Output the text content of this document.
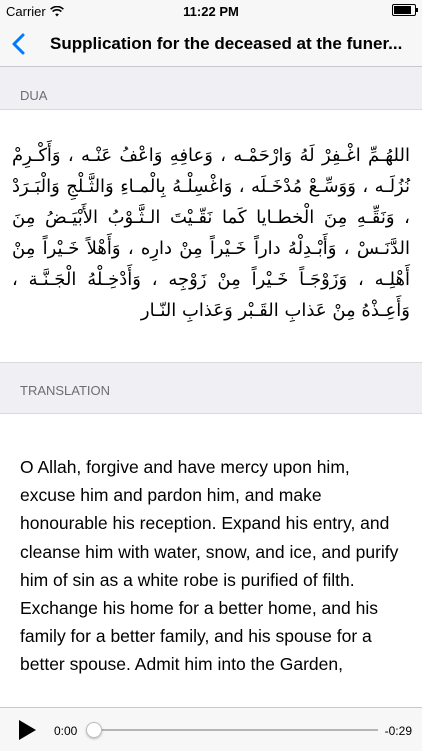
Carrier	11:22 PM
Supplication for the deceased at the funer...
DUA
اللهُـمِّ اغْـفِرْ لَهُ وَارْحَمْـه ، وَعافِهِ وَاعْفُ عَنْـه ، وَأَكْـرِمْ نُزُلَـه ، وَوَسِّـعْ مُدْخَـلَه ، وَاغْسِلْـهُ بِالْمـاءِ وَالثَّـلْجِ وَالْبَـرَدْ ، وَنَقِّـهِ مِنَ الْخطـايا كَما نَقّـيْتَ الـثَّـوْبُ الأَبْيَـضُ مِنَ الدَّنَـسْ ، وَأَبْـدِلْهُ داراً خَـيْراً مِنْ دارِه ، وَأَهْلاً خَـيْراً مِنْ أَهْلِـه ، وَزَوْجَـاً خَـيْراً مِنْ زَوْجِه ، وَأَدْخِـلْهُ الْجَـنَّـة ، وَأَعِـذْهُ مِنْ عَذابِ القَـبْر وَعَذابِ النّـار
TRANSLATION
O Allah, forgive and have mercy upon him, excuse him and pardon him, and make honourable his reception. Expand his entry, and cleanse him with water, snow, and ice, and purify him of sin as a white robe is purified of filth. Exchange his home for a better home, and his family for a better family, and his spouse for a better spouse. Admit him into the Garden,
0:00	-0:29
